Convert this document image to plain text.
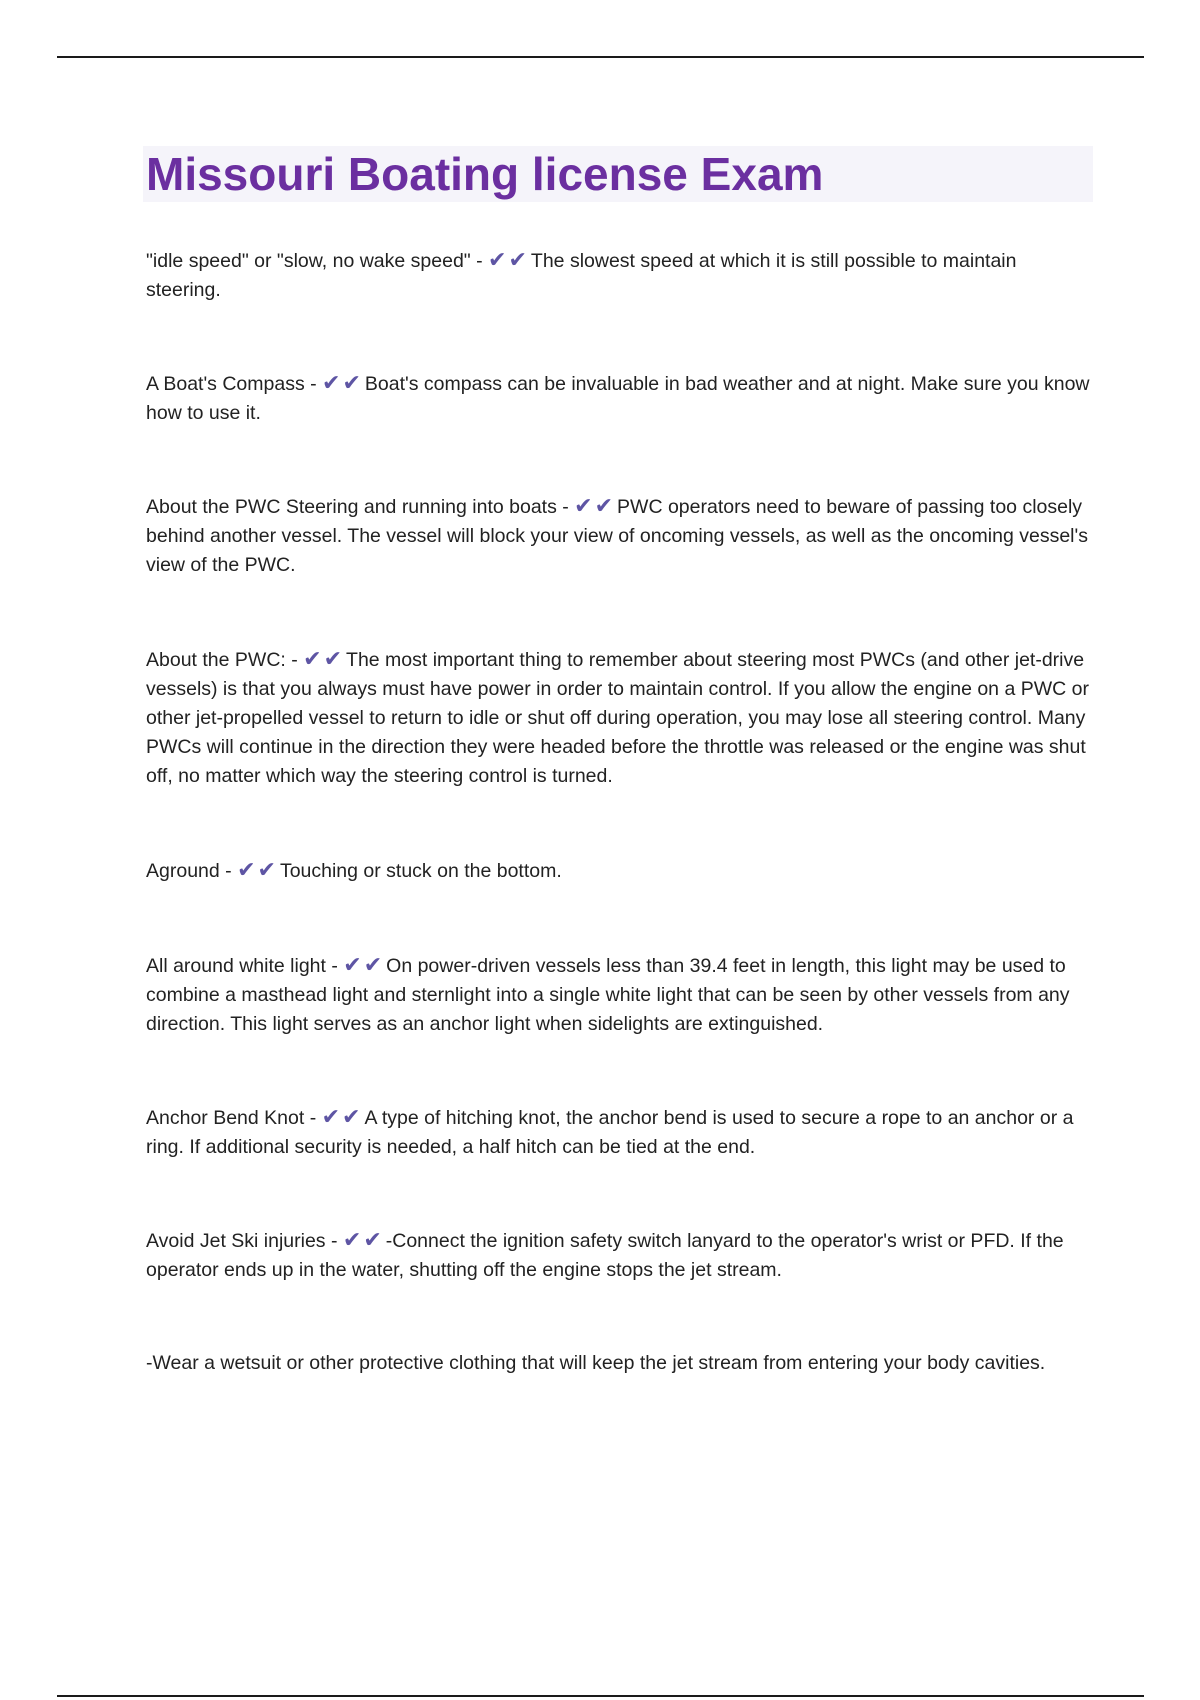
Missouri Boating license Exam

"idle speed" or "slow, no wake speed" - ✔✔ The slowest speed at which it is still possible to maintain steering.

A Boat's Compass - ✔✔ Boat's compass can be invaluable in bad weather and at night. Make sure you know how to use it.

About the PWC Steering and running into boats - ✔✔ PWC operators need to beware of passing too closely behind another vessel. The vessel will block your view of oncoming vessels, as well as the oncoming vessel's view of the PWC.

About the PWC: - ✔✔ The most important thing to remember about steering most PWCs (and other jet-drive vessels) is that you always must have power in order to maintain control. If you allow the engine on a PWC or other jet-propelled vessel to return to idle or shut off during operation, you may lose all steering control. Many PWCs will continue in the direction they were headed before the throttle was released or the engine was shut off, no matter which way the steering control is turned.

Aground - ✔✔ Touching or stuck on the bottom.

All around white light - ✔✔ On power-driven vessels less than 39.4 feet in length, this light may be used to combine a masthead light and sternlight into a single white light that can be seen by other vessels from any direction. This light serves as an anchor light when sidelights are extinguished.

Anchor Bend Knot - ✔✔ A type of hitching knot, the anchor bend is used to secure a rope to an anchor or a ring. If additional security is needed, a half hitch can be tied at the end.

Avoid Jet Ski injuries - ✔✔ -Connect the ignition safety switch lanyard to the operator's wrist or PFD. If the operator ends up in the water, shutting off the engine stops the jet stream.

-Wear a wetsuit or other protective clothing that will keep the jet stream from entering your body cavities.
